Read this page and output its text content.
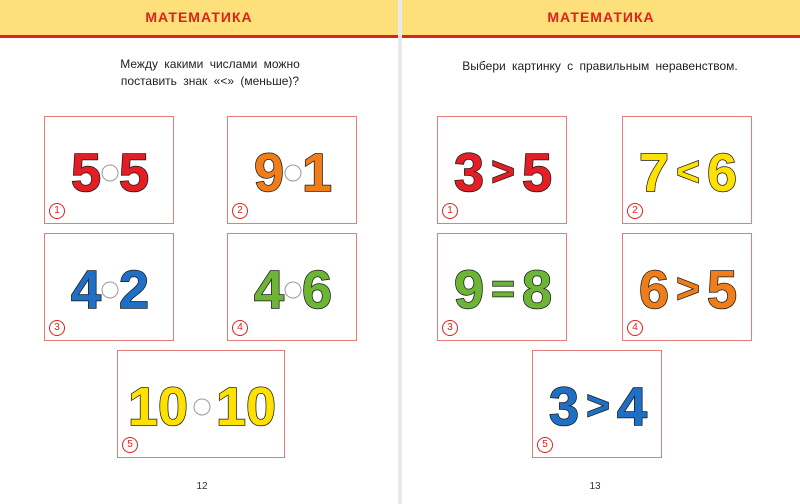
МАТЕМАТИКА	МАТЕМАТИКА
Между какими числами можно
поставить знак «<» (меньше)?
Выбери картинку с правильным неравенством.
5 5
1
9 1
2
4 2
3
4 6
4
10 10
5
3 > 5
1
7 < 6
2
9 = 8
3
6 > 5
4
3 > 4
5
12	13
